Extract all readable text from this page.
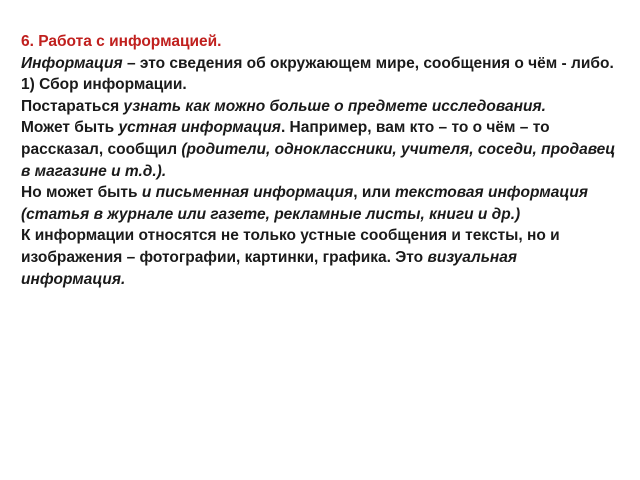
6. Работа с информацией.
Информация – это сведения об окружающем мире, сообщения о чём - либо.
1) Сбор информации.
Постараться узнать как можно больше о предмете исследования.
Может быть устная информация. Например, вам кто – то о чём – то рассказал, сообщил (родители, одноклассники, учителя, соседи, продавец в магазине и т.д.).
Но может быть и письменная информация, или текстовая информация (статья в журнале или газете, рекламные листы, книги и др.)
К информации относятся не только устные сообщения и тексты, но и изображения – фотографии, картинки, графика. Это визуальная информация.
